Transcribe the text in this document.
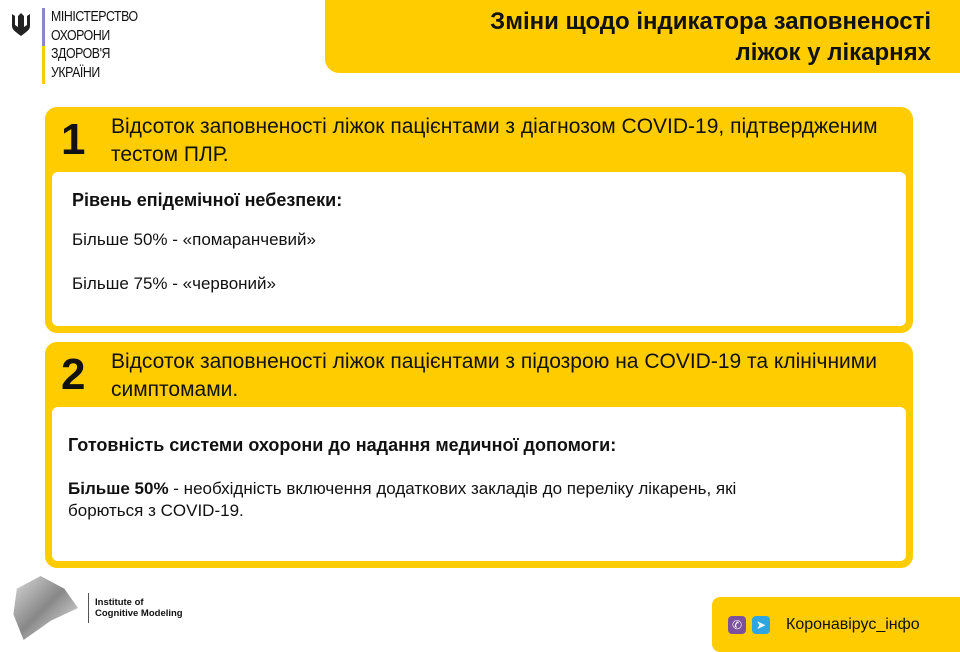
МІНІСТЕРСТВО
ОХОРОНИ
ЗДОРОВ'Я
УКРАЇНИ
Зміни щодо індикатора заповненості
ліжок у лікарнях
1 Відсоток заповненості ліжок пацієнтами з діагнозом COVID-19, підтвердженим тестом ПЛР.
Рівень епідемічної небезпеки:
Більше 50% - «помаранчевий»
Більше 75% - «червоний»
2 Відсоток заповненості ліжок пацієнтами з підозрою на COVID-19 та клінічними симптомами.
Готовність системи охорони до надання медичної допомоги:
Більше 50% - необхідність включення додаткових закладів до переліку лікарень, які борються з COVID-19.
Institute of
Cognitive Modeling
✆	➤ Коронавірус_інфо
